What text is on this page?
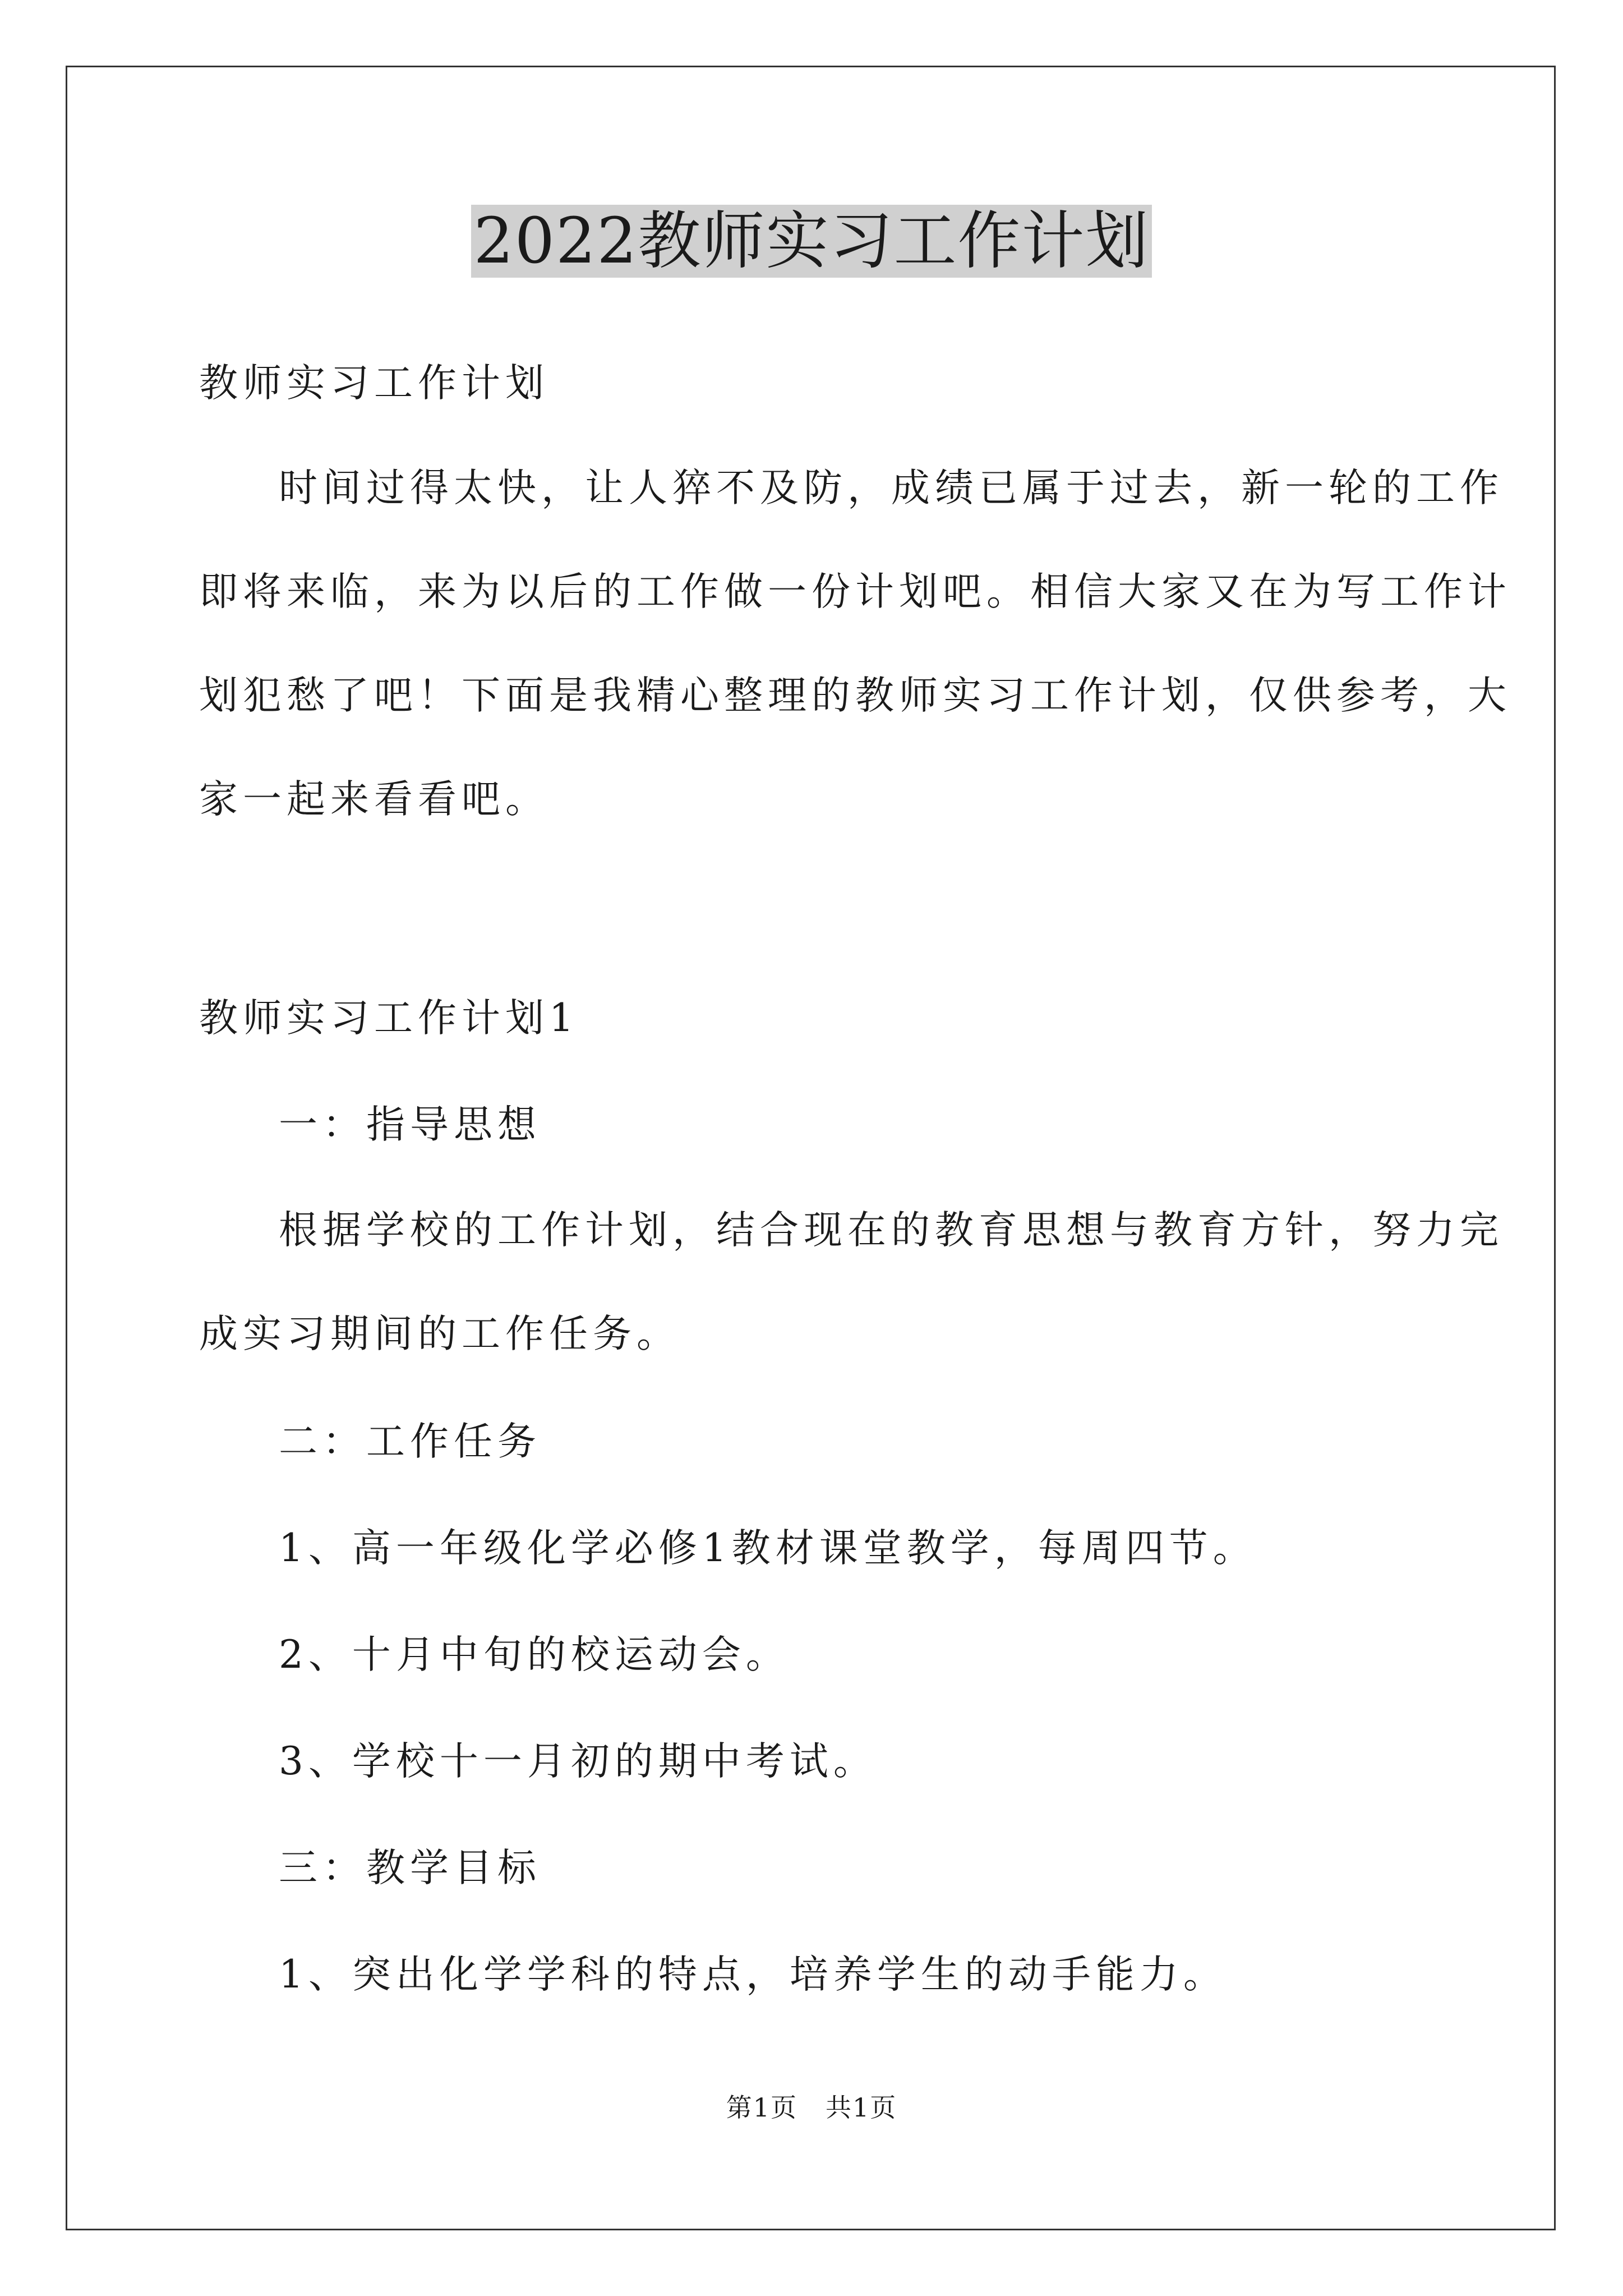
2022教师实习工作计划
教师实习工作计划
时间过得太快，让人猝不及防，成绩已属于过去，新一轮的工作
即将来临，来为以后的工作做一份计划吧。相信大家又在为写工作计
划犯愁了吧！下面是我精心整理的教师实习工作计划，仅供参考，大
家一起来看看吧。
教师实习工作计划1
一：指导思想
根据学校的工作计划，结合现在的教育思想与教育方针，努力完
成实习期间的工作任务。
二：工作任务
1、高一年级化学必修1教材课堂教学，每周四节。
2、十月中旬的校运动会。
3、学校十一月初的期中考试。
三：教学目标
1、突出化学学科的特点，培养学生的动手能力。
第1页 共1页
